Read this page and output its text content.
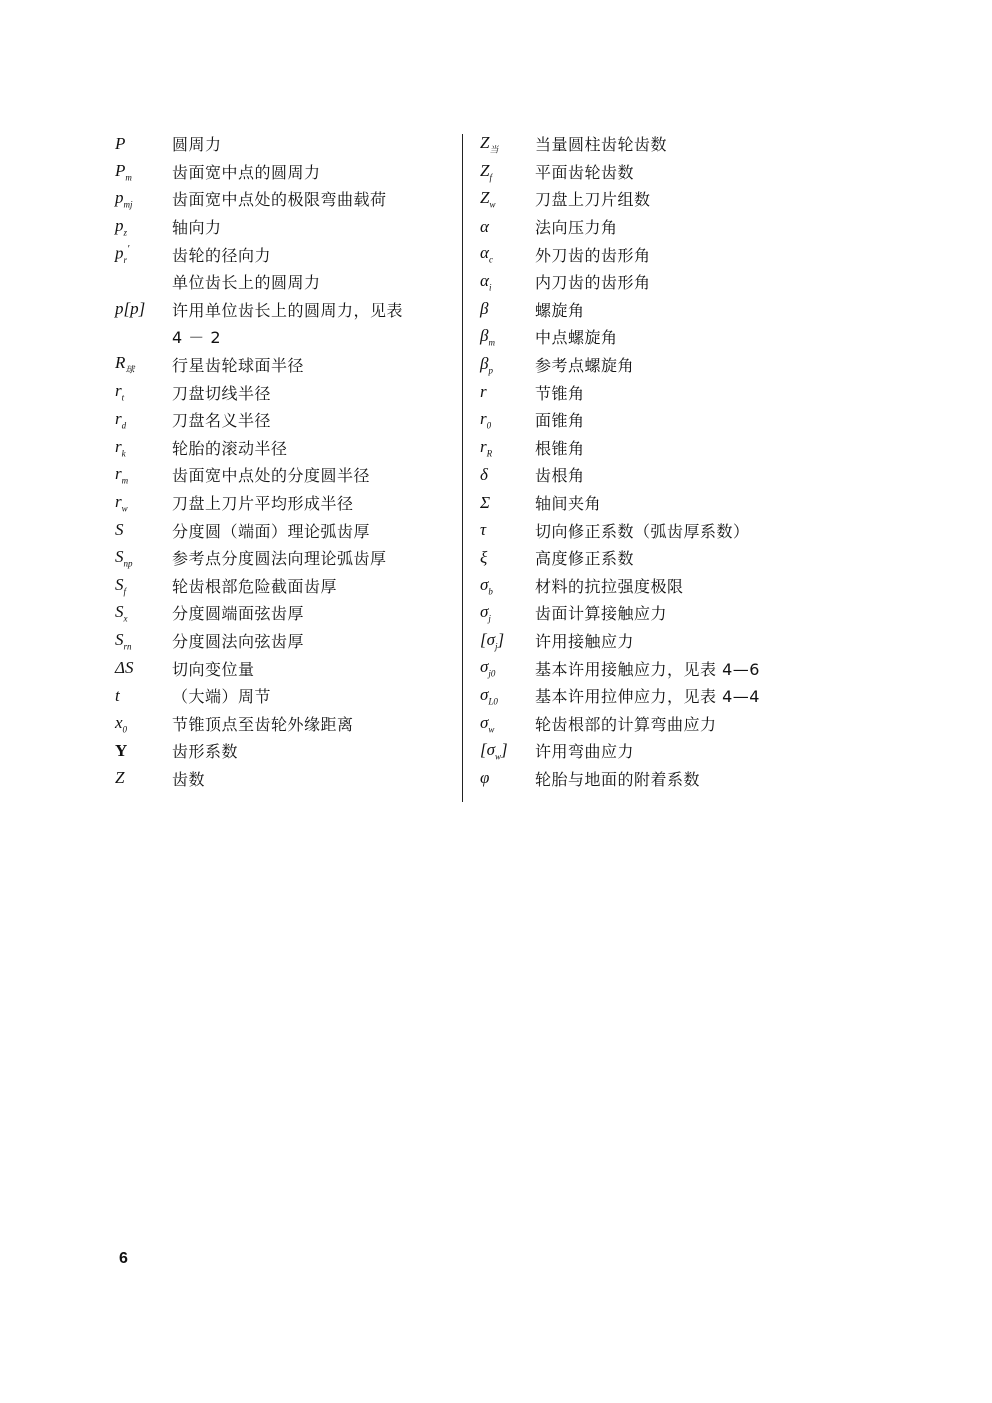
P	圆周力
$P_m$	齿面宽中点的圆周力
$p_{mj}$	齿面宽中点处的极限弯曲载荷
$p_z$	轴向力
$p_r'$	齿轮的径向力
单位齿长上的圆周力
p[p]	许用单位齿长上的圆周力，见表
4 － 2
$R_球$	行星齿轮球面半径
$r_t$	刀盘切线半径
$r_d$	刀盘名义半径
$r_k$	轮胎的滚动半径
$r_m$	齿面宽中点处的分度圆半径
$r_w$	刀盘上刀片平均形成半径
S	分度圆（端面）理论弧齿厚
$S_{np}$	参考点分度圆法向理论弧齿厚
$S_f$	轮齿根部危险截面齿厚
$S_x$	分度圆端面弦齿厚
$S_{rn}$	分度圆法向弦齿厚
ΔS	切向变位量
t	（大端）周节
$x_0$	节锥顶点至齿轮外缘距离
Y	齿形系数
Z	齿数
$Z_当$	当量圆柱齿轮齿数
$Z_f$	平面齿轮齿数
$Z_w$	刀盘上刀片组数
α	法向压力角
$\alpha_c$	外刀齿的齿形角
$\alpha_i$	内刀齿的齿形角
β	螺旋角
$\beta_m$	中点螺旋角
$\beta_p$	参考点螺旋角
r	节锥角
$r_0$	面锥角
$r_R$	根锥角
δ	齿根角
Σ	轴间夹角
τ	切向修正系数（弧齿厚系数）
ξ	高度修正系数
$\sigma_b$	材料的抗拉强度极限
$\sigma_j$	齿面计算接触应力
$[\sigma_j]$	许用接触应力
$\sigma_{j0}$	基本许用接触应力，见表 4—6
$\sigma_{L0}$	基本许用拉伸应力，见表 4—4
$\sigma_w$	轮齿根部的计算弯曲应力
$[\sigma_w]$	许用弯曲应力
φ	轮胎与地面的附着系数
6
